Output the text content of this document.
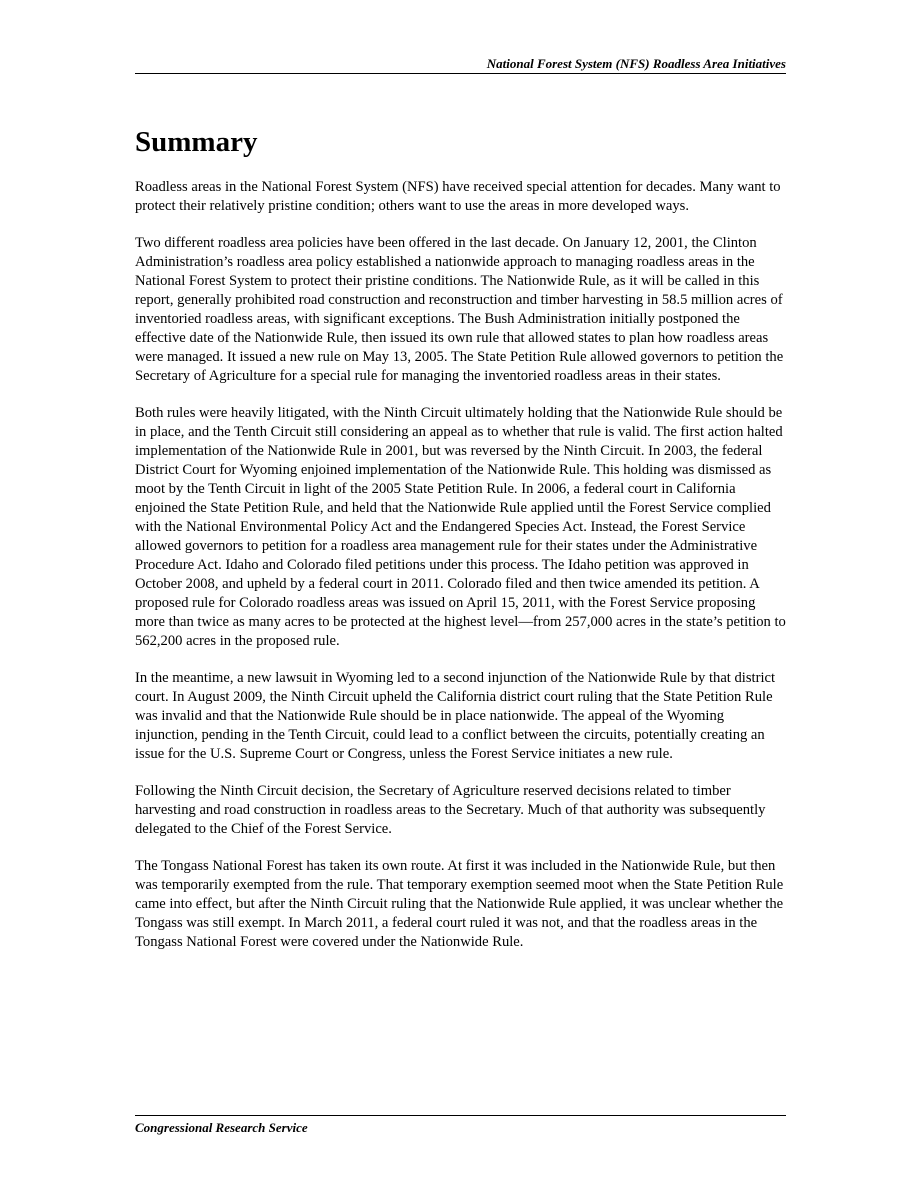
National Forest System (NFS) Roadless Area Initiatives
Summary

Roadless areas in the National Forest System (NFS) have received special attention for decades. Many want to protect their relatively pristine condition; others want to use the areas in more developed ways.

Two different roadless area policies have been offered in the last decade. On January 12, 2001, the Clinton Administration’s roadless area policy established a nationwide approach to managing roadless areas in the National Forest System to protect their pristine conditions. The Nationwide Rule, as it will be called in this report, generally prohibited road construction and reconstruction and timber harvesting in 58.5 million acres of inventoried roadless areas, with significant exceptions. The Bush Administration initially postponed the effective date of the Nationwide Rule, then issued its own rule that allowed states to plan how roadless areas were managed. It issued a new rule on May 13, 2005. The State Petition Rule allowed governors to petition the Secretary of Agriculture for a special rule for managing the inventoried roadless areas in their states.

Both rules were heavily litigated, with the Ninth Circuit ultimately holding that the Nationwide Rule should be in place, and the Tenth Circuit still considering an appeal as to whether that rule is valid. The first action halted implementation of the Nationwide Rule in 2001, but was reversed by the Ninth Circuit. In 2003, the federal District Court for Wyoming enjoined implementation of the Nationwide Rule. This holding was dismissed as moot by the Tenth Circuit in light of the 2005 State Petition Rule. In 2006, a federal court in California enjoined the State Petition Rule, and held that the Nationwide Rule applied until the Forest Service complied with the National Environmental Policy Act and the Endangered Species Act. Instead, the Forest Service allowed governors to petition for a roadless area management rule for their states under the Administrative Procedure Act. Idaho and Colorado filed petitions under this process. The Idaho petition was approved in October 2008, and upheld by a federal court in 2011. Colorado filed and then twice amended its petition. A proposed rule for Colorado roadless areas was issued on April 15, 2011, with the Forest Service proposing more than twice as many acres to be protected at the highest level—from 257,000 acres in the state’s petition to 562,200 acres in the proposed rule.

In the meantime, a new lawsuit in Wyoming led to a second injunction of the Nationwide Rule by that district court. In August 2009, the Ninth Circuit upheld the California district court ruling that the State Petition Rule was invalid and that the Nationwide Rule should be in place nationwide. The appeal of the Wyoming injunction, pending in the Tenth Circuit, could lead to a conflict between the circuits, potentially creating an issue for the U.S. Supreme Court or Congress, unless the Forest Service initiates a new rule.

Following the Ninth Circuit decision, the Secretary of Agriculture reserved decisions related to timber harvesting and road construction in roadless areas to the Secretary. Much of that authority was subsequently delegated to the Chief of the Forest Service.

The Tongass National Forest has taken its own route. At first it was included in the Nationwide Rule, but then was temporarily exempted from the rule. That temporary exemption seemed moot when the State Petition Rule came into effect, but after the Ninth Circuit ruling that the Nationwide Rule applied, it was unclear whether the Tongass was still exempt. In March 2011, a federal court ruled it was not, and that the roadless areas in the Tongass National Forest were covered under the Nationwide Rule.

Congressional Research Service
